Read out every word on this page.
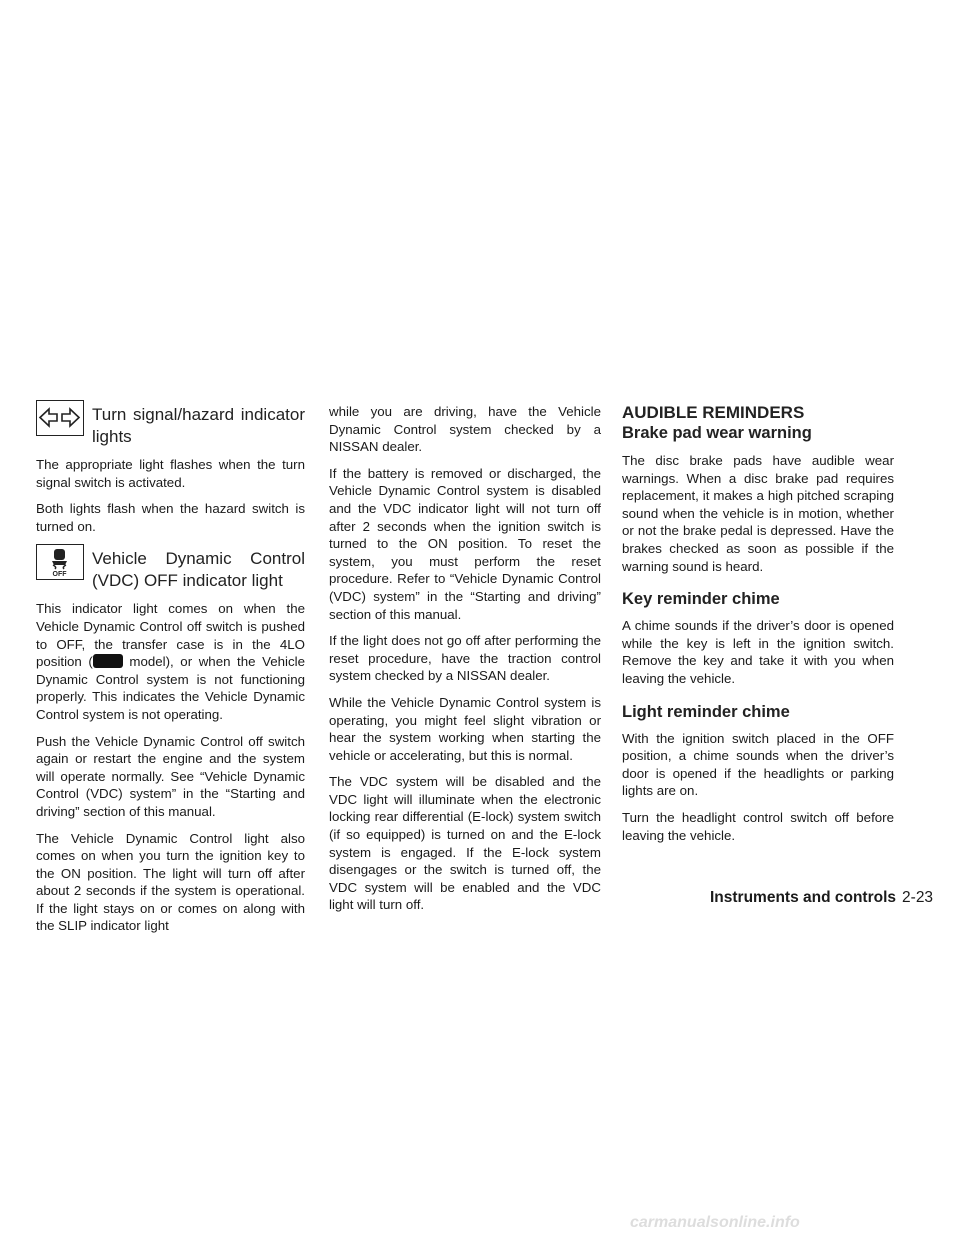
Turn signal/hazard indicator lights

The appropriate light flashes when the turn signal switch is activated.

Both lights flash when the hazard switch is turned on.

OFF
Vehicle Dynamic Control (VDC) OFF indicator light

This indicator light comes on when the Vehicle Dynamic Control off switch is pushed to OFF, the transfer case is in the 4LO position (	model), or when the Vehicle Dynamic Control system is not functioning properly. This indicates the Vehicle Dynamic Control system is not operating.

Push the Vehicle Dynamic Control off switch again or restart the engine and the system will operate normally. See “Vehicle Dynamic Control (VDC) system” in the “Starting and driving” section of this manual.

The Vehicle Dynamic Control light also comes on when you turn the ignition key to the ON position. The light will turn off after about 2 seconds if the system is operational. If the light stays on or comes on along with the SLIP indicator light

while you are driving, have the Vehicle Dynamic Control system checked by a NISSAN dealer.

If the battery is removed or discharged, the Vehicle Dynamic Control system is disabled and the VDC indicator light will not turn off after 2 seconds when the ignition switch is turned to the ON position. To reset the system, you must perform the reset procedure. Refer to “Vehicle Dynamic Control (VDC) system” in the “Starting and driving” section of this manual.

If the light does not go off after performing the reset procedure, have the traction control system checked by a NISSAN dealer.

While the Vehicle Dynamic Control system is operating, you might feel slight vibration or hear the system working when starting the vehicle or accelerating, but this is normal.

The VDC system will be disabled and the VDC light will illuminate when the electronic locking rear differential (E-lock) system switch (if so equipped) is turned on and the E-lock system is engaged. If the E-lock system disengages or the switch is turned off, the VDC system will be enabled and the VDC light will turn off.

AUDIBLE REMINDERS
Brake pad wear warning

The disc brake pads have audible wear warnings. When a disc brake pad requires replacement, it makes a high pitched scraping sound when the vehicle is in motion, whether or not the brake pedal is depressed. Have the brakes checked as soon as possible if the warning sound is heard.

Key reminder chime

A chime sounds if the driver’s door is opened while the key is left in the ignition switch. Remove the key and take it with you when leaving the vehicle.

Light reminder chime

With the ignition switch placed in the OFF position, a chime sounds when the driver’s door is opened if the headlights or parking lights are on.

Turn the headlight control switch off before leaving the vehicle.

Instruments and controls 2-23
carmanualsonline.info
